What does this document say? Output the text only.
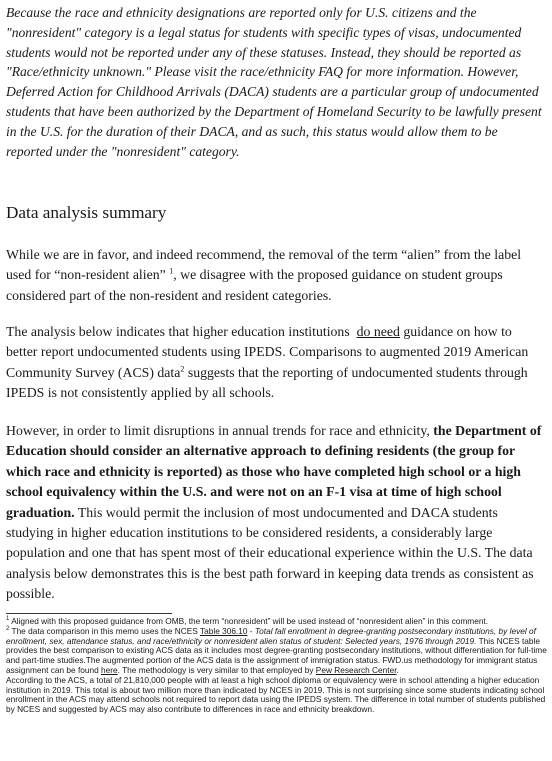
Because the race and ethnicity designations are reported only for U.S. citizens and the "nonresident" category is a legal status for students with specific types of visas, undocumented students would not be reported under any of these statuses. Instead, they should be reported as "Race/ethnicity unknown." Please visit the race/ethnicity FAQ for more information. However, Deferred Action for Childhood Arrivals (DACA) students are a particular group of undocumented students that have been authorized by the Department of Homeland Security to be lawfully present in the U.S. for the duration of their DACA, and as such, this status would allow them to be reported under the "nonresident" category.
Data analysis summary
While we are in favor, and indeed recommend, the removal of the term “alien” from the label used for “non-resident alien” $^1$, we disagree with the proposed guidance on student groups considered part of the non-resident and resident categories.
The analysis below indicates that higher education institutions do need guidance on how to better report undocumented students using IPEDS. Comparisons to augmented 2019 American Community Survey (ACS) data$^2$ suggests that the reporting of undocumented students through IPEDS is not consistently applied by all schools.
However, in order to limit disruptions in annual trends for race and ethnicity, the Department of Education should consider an alternative approach to defining residents (the group for which race and ethnicity is reported) as those who have completed high school or a high school equivalency within the U.S. and were not on an F-1 visa at time of high school graduation. This would permit the inclusion of most undocumented and DACA students studying in higher education institutions to be considered residents, a considerably large population and one that has spent most of their educational experience within the U.S. The data analysis below demonstrates this is the best path forward in keeping data trends as consistent as possible.
$^1$ Aligned with this proposed guidance from OMB, the term “nonresident” will be used instead of “nonresident alien” in this comment.
$^2$ The data comparison in this memo uses the NCES Table 306.10 - Total fall enrollment in degree-granting postsecondary institutions, by level of enrollment, sex, attendance status, and race/ethnicity or nonresident alien status of student: Selected years, 1976 through 2019. This NCES table provides the best comparison to existing ACS data as it includes most degree-granting postsecondary institutions, without differentiation for full-time and part-time studies.The augmented portion of the ACS data is the assignment of immigration status. FWD.us methodology for immigrant status assignment can be found here. The methodology is very similar to that employed by Pew Research Center.
According to the ACS, a total of 21,810,000 people with at least a high school diploma or equivalency were in school attending a higher education institution in 2019. This total is about two million more than indicated by NCES in 2019. This is not surprising since some students indicating school enrollment in the ACS may attend schools not required to report data using the IPEDS system. The difference in total number of students published by NCES and suggested by ACS may also contribute to differences in race and ethnicity breakdown.
